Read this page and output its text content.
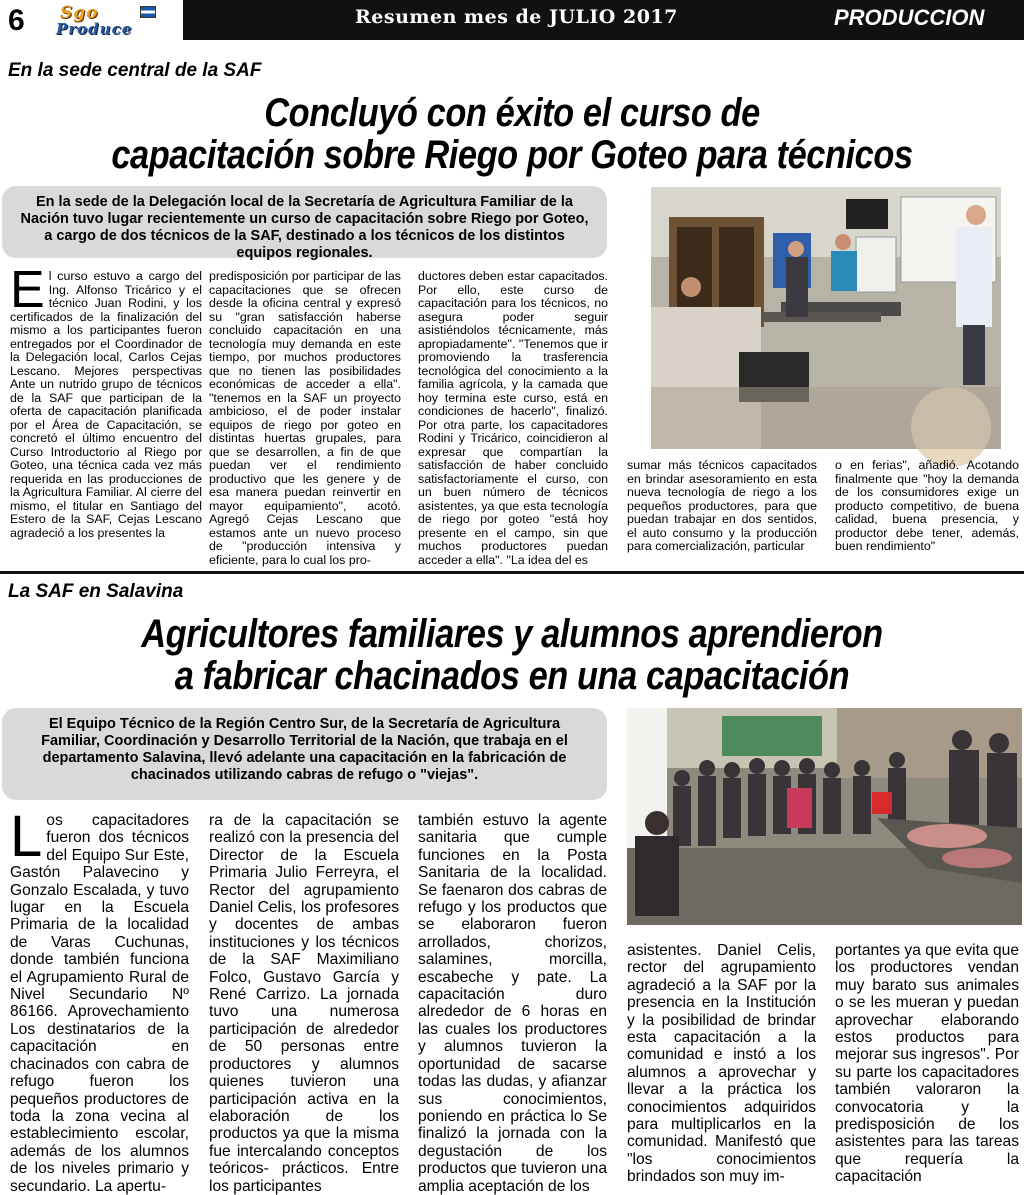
6 Sgo
Produce
Resumen mes de JULIO 2017	PRODUCCION
En la sede central de la SAF
Concluyó con éxito el curso de
capacitación sobre Riego por Goteo para técnicos
En la sede de la Delegación local de la Secretaría de Agricultura Familiar de la Nación tuvo lugar recientemente un curso de capacitación sobre Riego por Goteo, a cargo de dos técnicos de la SAF, destinado a los técnicos de los distintos equipos regionales.
El curso estuvo a cargo del Ing. Alfonso Tricárico y el técnico Juan Rodini, y los certificados de la finalización del mismo a los participantes fueron entregados por el Coordinador de la Delegación local, Carlos Cejas Lescano. Mejores perspectivas Ante un nutrido grupo de técnicos de la SAF que participan de la oferta de capacitación planificada por el Área de Capacitación, se concretó el último encuentro del Curso Introductorio al Riego por Goteo, una técnica cada vez más requerida en las producciones de la Agricultura Familiar. Al cierre del mismo, el titular en Santiago del Estero de la SAF, Cejas Lescano agradeció a los presentes la
predisposición por participar de las capacitaciones que se ofrecen desde la oficina central y expresó su "gran satisfacción haberse concluido capacitación en una tecnología muy demanda en este tiempo, por muchos productores que no tienen las posibilidades económicas de acceder a ella". "tenemos en la SAF un proyecto ambicioso, el de poder instalar equipos de riego por goteo en distintas huertas grupales, para que se desarrollen, a fin de que puedan ver el rendimiento productivo que les genere y de esa manera puedan reinvertir en mayor equipamiento", acotó. Agregó Cejas Lescano que estamos ante un nuevo proceso de "producción intensiva y eficiente, para lo cual los pro-
ductores deben estar capacitados. Por ello, este curso de capacitación para los técnicos, no asegura poder seguir asistiéndolos técnicamente, más apropiadamente". "Tenemos que ir promoviendo la trasferencia tecnológica del conocimiento a la familia agrícola, y la camada que hoy termina este curso, está en condiciones de hacerlo", finalizó. Por otra parte, los capacitadores Rodini y Tricárico, coincidieron al expresar que compartían la satisfacción de haber concluido satisfactoriamente el curso, con un buen número de técnicos asistentes, ya que esta tecnología de riego por goteo "está hoy presente en el campo, sin que muchos productores puedan acceder a ella". "La idea del es
sumar más técnicos capacitados en brindar asesoramiento en esta nueva tecnología de riego a los pequeños productores, para que puedan trabajar en dos sentidos, el auto consumo y la producción para comercialización, particular
o en ferias", añadió. Acotando finalmente que "hoy la demanda de los consumidores exige un producto competitivo, de buena calidad, buena presencia, y productor debe tener, además, buen rendimiento"
La SAF en Salavina
Agricultores familiares y alumnos aprendieron
a fabricar chacinados en una capacitación
El Equipo Técnico de la Región Centro Sur, de la Secretaría de Agricultura Familiar, Coordinación y Desarrollo Territorial de la Nación, que trabaja en el departamento Salavina, llevó adelante una capacitación en la fabricación de chacinados utilizando cabras de refugo o "viejas".
Los capacitadores fueron dos técnicos del Equipo Sur Este, Gastón Palavecino y Gonzalo Escalada, y tuvo lugar en la Escuela Primaria de la localidad de Varas Cuchunas, donde también funciona el Agrupamiento Rural de Nivel Secundario Nº 86166. Aprovechamiento Los destinatarios de la capacitación en chacinados con cabra de refugo fueron los pequeños productores de toda la zona vecina al establecimiento escolar, además de los alumnos de los niveles primario y secundario. La apertu-
ra de la capacitación se realizó con la presencia del Director de la Escuela Primaria Julio Ferreyra, el Rector del agrupamiento Daniel Celis, los profesores y docentes de ambas instituciones y los técnicos de la SAF Maximiliano Folco, Gustavo García y René Carrizo. La jornada tuvo una numerosa participación de alrededor de 50 personas entre productores y alumnos quienes tuvieron una participación activa en la elaboración de los productos ya que la misma fue intercalando conceptos teóricos- prácticos. Entre los participantes
también estuvo la agente sanitaria que cumple funciones en la Posta Sanitaria de la localidad. Se faenaron dos cabras de refugo y los productos que se elaboraron fueron arrollados, chorizos, salamines, morcilla, escabeche y pate. La capacitación duro alrededor de 6 horas en las cuales los productores y alumnos tuvieron la oportunidad de sacarse todas las dudas, y afianzar sus conocimientos, poniendo en práctica lo Se finalizó la jornada con la degustación de los productos que tuvieron una amplia aceptación de los
asistentes. Daniel Celis, rector del agrupamiento agradeció a la SAF por la presencia en la Institución y la posibilidad de brindar esta capacitación a la comunidad e instó a los alumnos a aprovechar y llevar a la práctica los conocimientos adquiridos para multiplicarlos en la comunidad. Manifestó que "los conocimientos brindados son muy im-
portantes ya que evita que los productores vendan muy barato sus animales o se les mueran y puedan aprovechar elaborando estos productos para mejorar sus ingresos". Por su parte los capacitadores también valoraron la convocatoria y la predisposición de los asistentes para las tareas que requería la capacitación
